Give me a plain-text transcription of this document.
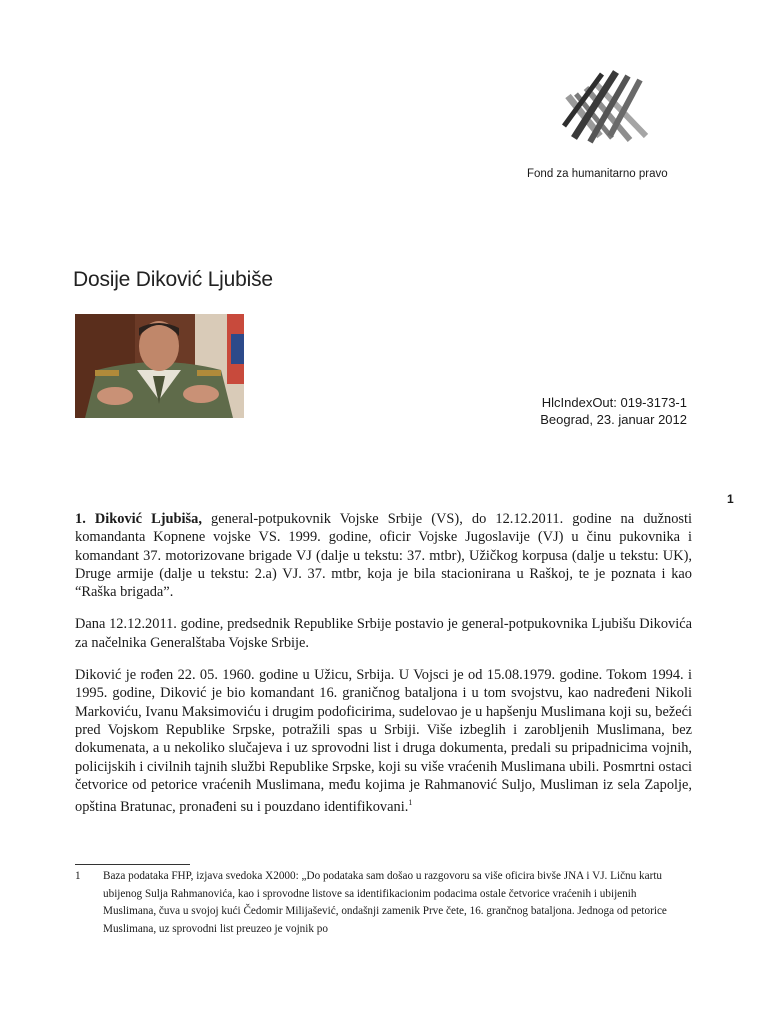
Fond za humanitarno pravo
Dosije Diković Ljubiše
HlcIndexOut: 019-3173-1
Beograd, 23. januar 2012
1

1. Diković Ljubiša, general-potpukovnik Vojske Srbije (VS), do 12.12.2011. godine na dužnosti komandanta Kopnene vojske VS. 1999. godine, oficir Vojske Jugoslavije (VJ) u činu pukovnika i komandant 37. motorizovane brigade VJ (dalje u tekstu: 37. mtbr), Užičkog korpusa (dalje u tekstu: UK), Druge armije (dalje u tekstu: 2.a) VJ. 37. mtbr, koja je bila stacionirana u Raškoj, te je poznata i kao “Raška brigada”.

Dana 12.12.2011. godine, predsednik Republike Srbije postavio je general-potpukovnika Ljubišu Dikovića za načelnika Generalštaba Vojske Srbije.

Diković je rođen 22. 05. 1960. godine u Užicu, Srbija. U Vojsci je od 15.08.1979. godine. Tokom 1994. i 1995. godine, Diković je bio komandant 16. graničnog bataljona i u tom svojstvu, kao nadređeni Nikoli Markoviću, Ivanu Maksimoviću i drugim podoficirima, sudelovao je u hapšenju Muslimana koji su, bežeći pred Vojskom Republike Srpske, potražili spas u Srbiji. Više izbeglih i zarobljenih Muslimana, bez dokumenata, a u nekoliko slučajeva i uz sprovodni list i druga dokumenta, predali su pripadnicima vojnih, policijskih i civilnih tajnih službi Republike Srpske, koji su više vraćenih Muslimana ubili. Posmrtni ostaci četvorice od petorice vraćenih Muslimana, među kojima je Rahmanović Suljo, Musliman iz sela Zapolje, opština Bratunac, pronađeni su i pouzdano identifikovani.$^1$

1 Baza podataka FHP, izjava svedoka X2000: „Do podataka sam došao u razgovoru sa više oficira bivše JNA i VJ. Ličnu kartu ubijenog Sulja Rahmanovića, kao i sprovodne listove sa identifikacionim podacima ostale četvorice vraćenih i ubijenih Muslimana, čuva u svojoj kući Čedomir Milijašević, ondašnji zamenik Prve čete, 16. grančnog bataljona. Jednoga od petorice Muslimana, uz sprovodni list preuzeo je vojnik po
